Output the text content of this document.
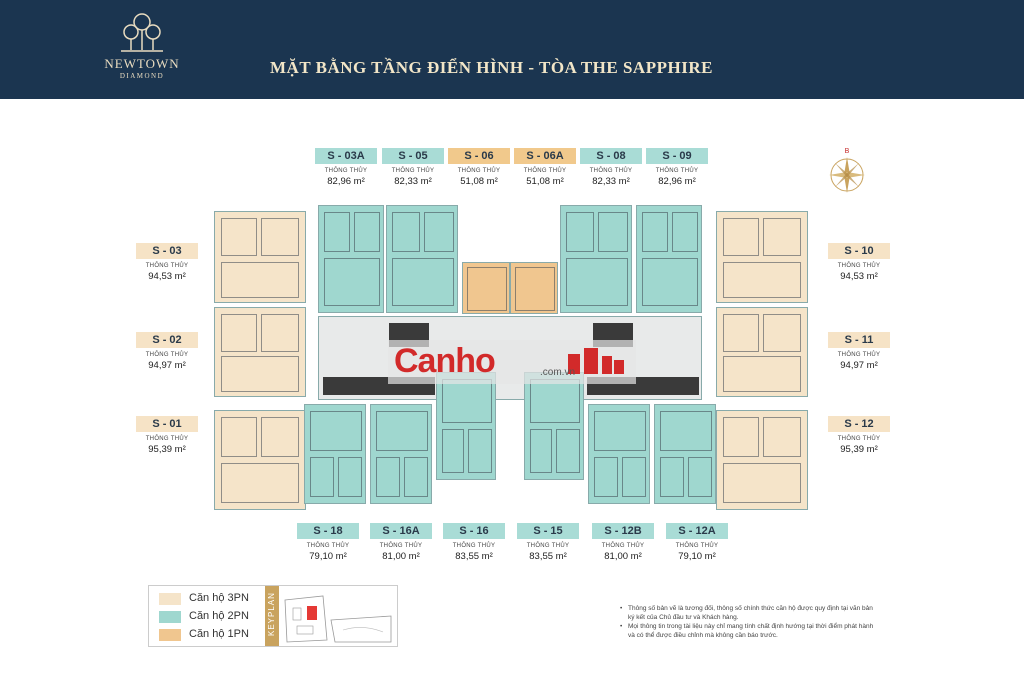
NEWTOWN
DIAMOND	MẶT BẰNG TẦNG ĐIỂN HÌNH - TÒA THE SAPPHIRE
B
Canho	.com.vn
S - 03A
THÔNG THỦY
82,96 m²
S - 05
THÔNG THỦY
82,33 m²
S - 06
THÔNG THỦY
51,08 m²
S - 06A
THÔNG THỦY
51,08 m²
S - 08
THÔNG THỦY
82,33 m²
S - 09
THÔNG THỦY
82,96 m²
S - 03
THÔNG THỦY
94,53 m²
S - 02
THÔNG THỦY
94,97 m²
S - 01
THÔNG THỦY
95,39 m²
S - 10
THÔNG THỦY
94,53 m²
S - 11
THÔNG THỦY
94,97 m²
S - 12
THÔNG THỦY
95,39 m²
S - 18
THÔNG THỦY
79,10 m²
S - 16A
THÔNG THỦY
81,00 m²
S - 16
THÔNG THỦY
83,55 m²
S - 15
THÔNG THỦY
83,55 m²
S - 12B
THÔNG THỦY
81,00 m²
S - 12A
THÔNG THỦY
79,10 m²
Căn hộ 3PN
Căn hộ 2PN
Căn hộ 1PN KEYPLAN
•	Thông số bản vẽ là tương đối, thông số chính thức căn hộ được quy định tại văn bản ký kết của Chủ đầu tư và Khách hàng.
• Mọi thông tin trong tài liệu này chỉ mang tính chất định hướng tại thời điểm phát hành và có thể được điều chỉnh mà không cần báo trước.
